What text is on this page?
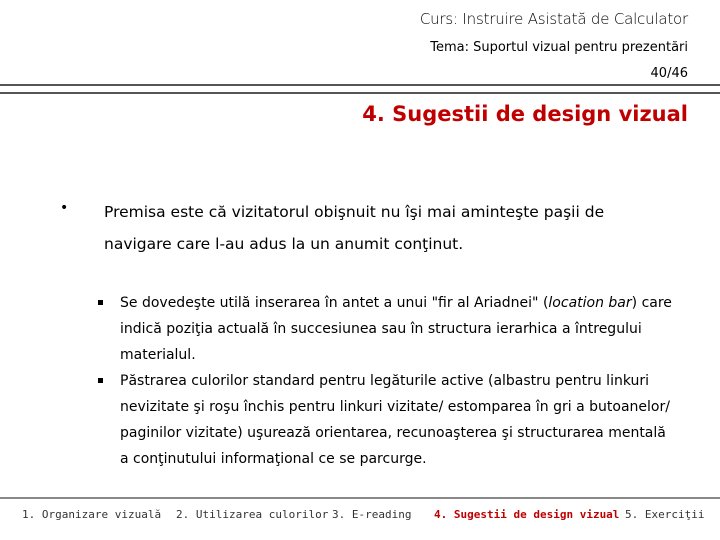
Curs: Instruire Asistată de Calculator
Tema: Suportul vizual pentru prezentări
40/46
4. Sugestii de design vizual
• Premisa este că vizitatorul obişnuit nu îşi mai aminteşte paşii de navigare care l-au adus la un anumit conţinut.
Se dovedeşte utilă inserarea în antet a unui "fir al Ariadnei" (location bar) care indică poziţia actuală în succesiunea sau în structura ierarhica a întregului materialul.
Păstrarea culorilor standard pentru legăturile active (albastru pentru linkuri nevizitate şi roşu închis pentru linkuri vizitate/ estomparea în gri a butoanelor/ paginilor vizitate) uşurează orientarea, recunoaşterea şi structurarea mentală a conţinutului informaţional ce se parcurge.
1. Organizare vizuală 2. Utilizarea culorilor 3. E-reading 4. Sugestii de design vizual 5. Exerciţii
